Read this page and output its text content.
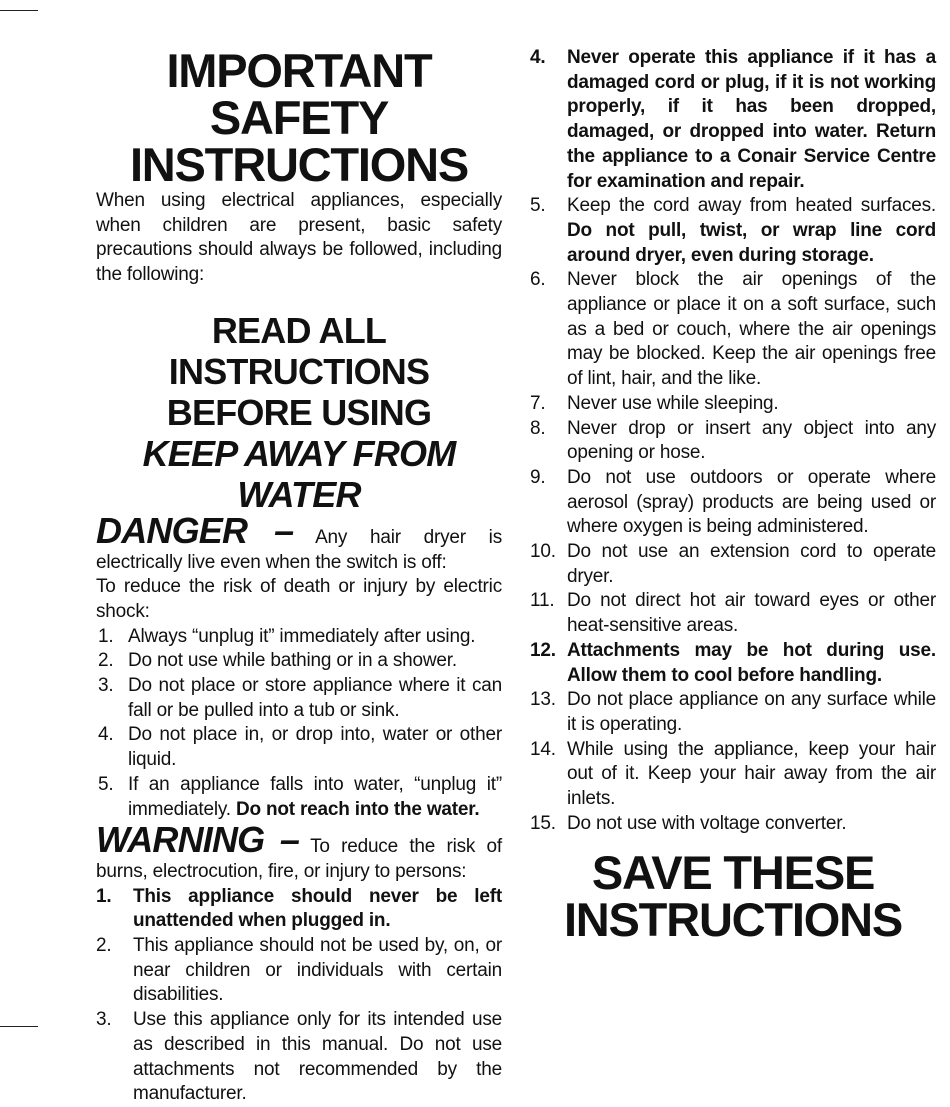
IMPORTANT SAFETY
INSTRUCTIONS

When using electrical appliances, especially when children are present, basic safety precautions should always be followed, including the following:

READ ALL INSTRUCTIONS
BEFORE USING
KEEP AWAY FROM WATER

DANGER – Any hair dryer is electrically live even when the switch is off:

To reduce the risk of death or injury by electric shock:

1. Always “unplug it” immediately after using.
2. Do not use while bathing or in a shower.
3. Do not place or store appliance where it can fall or be pulled into a tub or sink.
4. Do not place in, or drop into, water or other liquid.
5. If an appliance falls into water, “unplug it” immediately. Do not reach into the water.

WARNING – To reduce the risk of burns, electrocution, fire, or injury to persons:

1. This appliance should never be left unattended when plugged in.
2. This appliance should not be used by, on, or near children or individuals with certain disabilities.
3. Use this appliance only for its intended use as described in this manual. Do not use attachments not recommended by the manufacturer.
4. Never operate this appliance if it has a damaged cord or plug, if it is not working properly, if it has been dropped, damaged, or dropped into water. Return the appliance to a Conair Service Centre for examination and repair.
5. Keep the cord away from heated surfaces. Do not pull, twist, or wrap line cord around dryer, even during storage.
6. Never block the air openings of the appliance or place it on a soft surface, such as a bed or couch, where the air openings may be blocked. Keep the air openings free of lint, hair, and the like.
7. Never use while sleeping.
8. Never drop or insert any object into any opening or hose.
9. Do not use outdoors or operate where aerosol (spray) products are being used or where oxygen is being administered.
10. Do not use an extension cord to operate dryer.
11. Do not direct hot air toward eyes or other heat-sensitive areas.
12. Attachments may be hot during use. Allow them to cool before handling.
13. Do not place appliance on any surface while it is operating.
14. While using the appliance, keep your hair out of it. Keep your hair away from the air inlets.
15. Do not use with voltage converter.
SAVE THESE
INSTRUCTIONS
